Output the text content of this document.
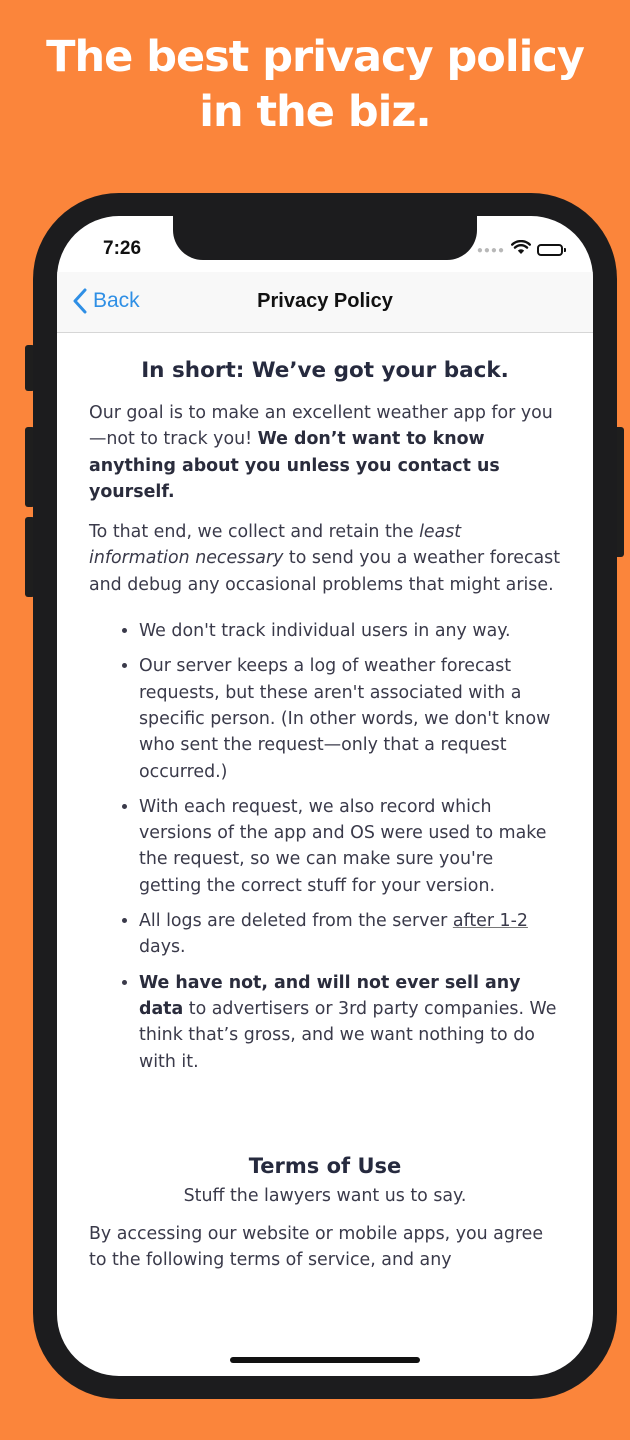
The best privacy policy
in the biz.
7:26	●●●●
Back	Privacy Policy
In short: We’ve got your back.

Our goal is to make an excellent weather app for you—not to track you! We don’t want to know anything about you unless you contact us yourself.

To that end, we collect and retain the least information necessary to send you a weather forecast and debug any occasional problems that might arise.

• We don't track individual users in any way.
• Our server keeps a log of weather forecast requests, but these aren't associated with a specific person. (In other words, we don't know who sent the request—only that a request occurred.)
• With each request, we also record which versions of the app and OS were used to make the request, so we can make sure you're getting the correct stuff for your version.
• All logs are deleted from the server after 1-2 days.
• We have not, and will not ever sell any data to advertisers or 3rd party companies. We think that’s gross, and we want nothing to do with it.
Terms of Use
Stuff the lawyers want us to say.

By accessing our website or mobile apps, you agree to the following terms of service, and any
